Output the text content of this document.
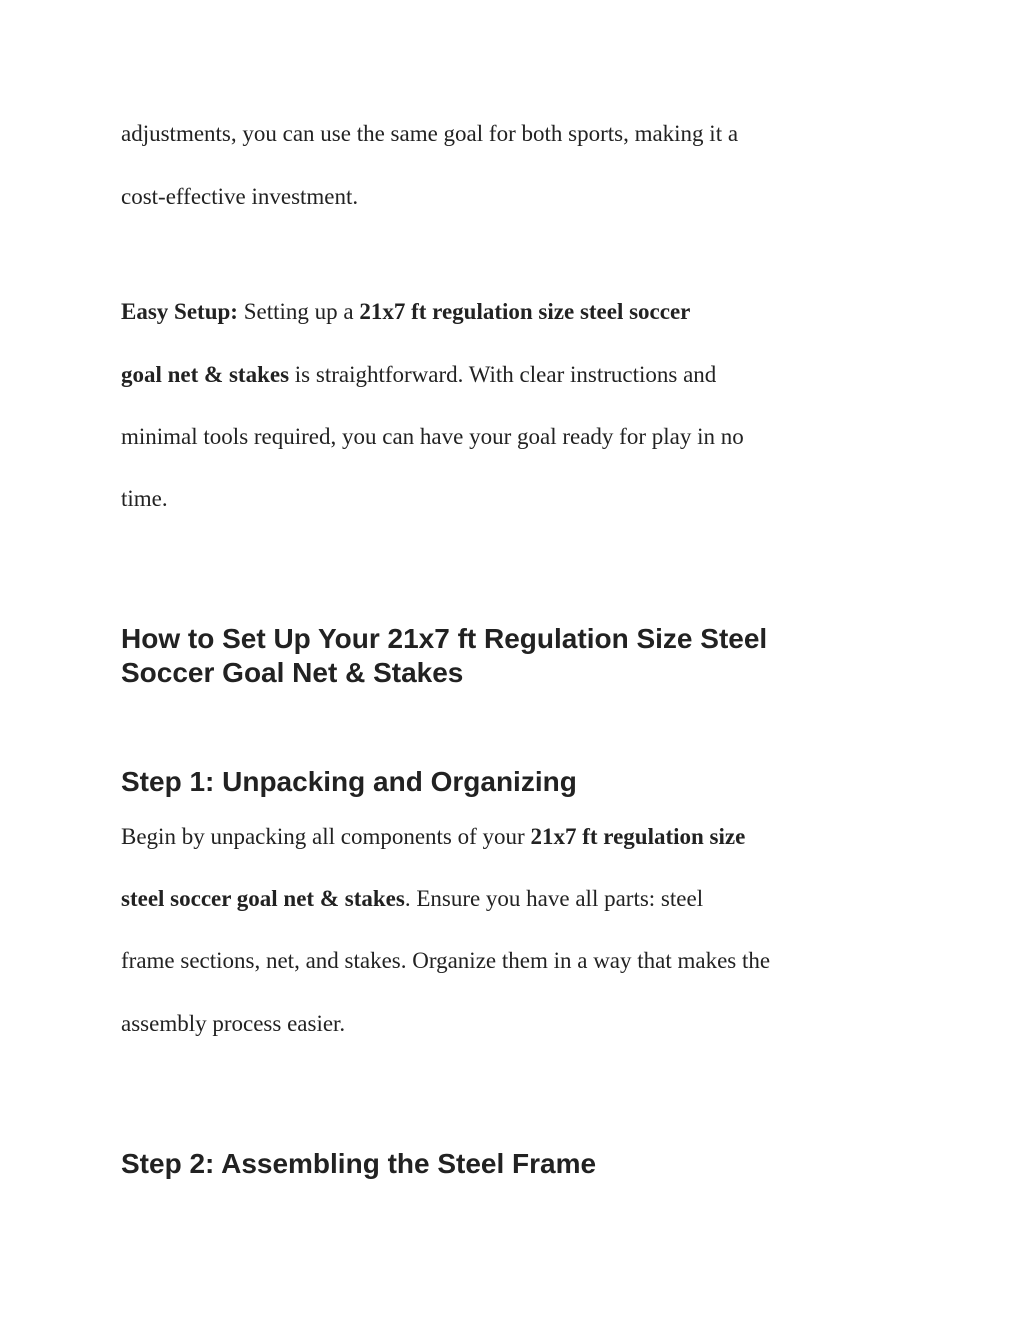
adjustments, you can use the same goal for both sports, making it a

cost-effective investment.

Easy Setup: Setting up a 21x7 ft regulation size steel soccer

goal net & stakes is straightforward. With clear instructions and

minimal tools required, you can have your goal ready for play in no

time.

How to Set Up Your 21x7 ft Regulation Size Steel Soccer Goal Net & Stakes
Step 1: Unpacking and Organizing

Begin by unpacking all components of your 21x7 ft regulation size

steel soccer goal net & stakes. Ensure you have all parts: steel

frame sections, net, and stakes. Organize them in a way that makes the

assembly process easier.

Step 2: Assembling the Steel Frame
